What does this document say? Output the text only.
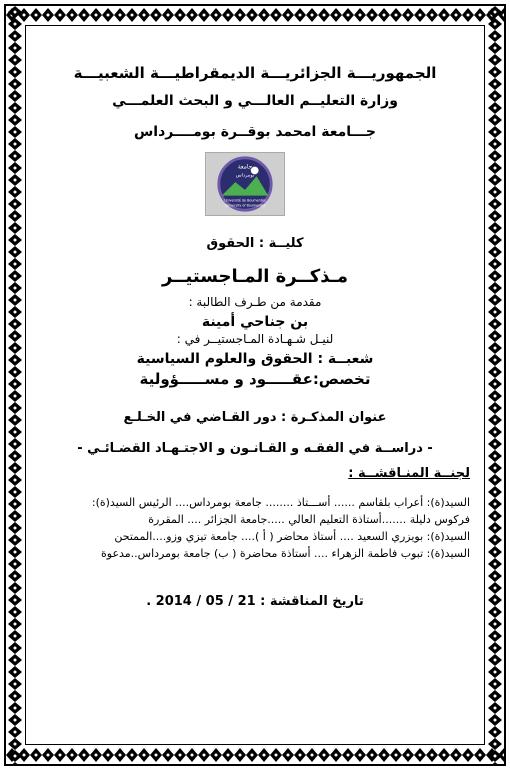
الجمهوريـــة الجزائريـــة الديمقراطيـــة الشعبيـــة
وزارة التعليــم العالـــي و البحث العلمـــي
جـــامعة امحمد بوقــرة بومــــرداس
جامعة
بومرداس
Université de Boumerdès
University of Boumerdes
كليــة : الحقوق
مـذكــرة المـاجستيــر
مقدمة من طـرف الطالبة :
بن جناحي أمينة
لنيـل شـهـادة المـاجستيــر في :
شعبــة : الحقوق والعلوم السياسية
تخصص:عقـــــود و مســـــؤولية
عنوان المذكـرة : دور القـاضي في الخـلـع
- دراســة في الفقـه و القـانـون و الاجتـهـاد القضـائـي -
لجنــة المنـاقشــة :
السيد(ة): أعراب بلقاسم ...... أســـتاذ ........ جامعة بومرداس.... الرئيس السيد(ة):
فركوس دليلة .......أستاذة التعليم العالي .....جامعة الجزائر .... المقررة
السيد(ة): بويزري السعيد .... أستاذ محاضر ( أ ).... جامعة تيزي وزو....الممتحن
السيد(ة): تبوب فاطمة الزهراء .... أستاذة محاضرة ( ب) جامعة بومرداس..مدعوة
تاريخ المناقشة : 21 / 05 / 2014 .
